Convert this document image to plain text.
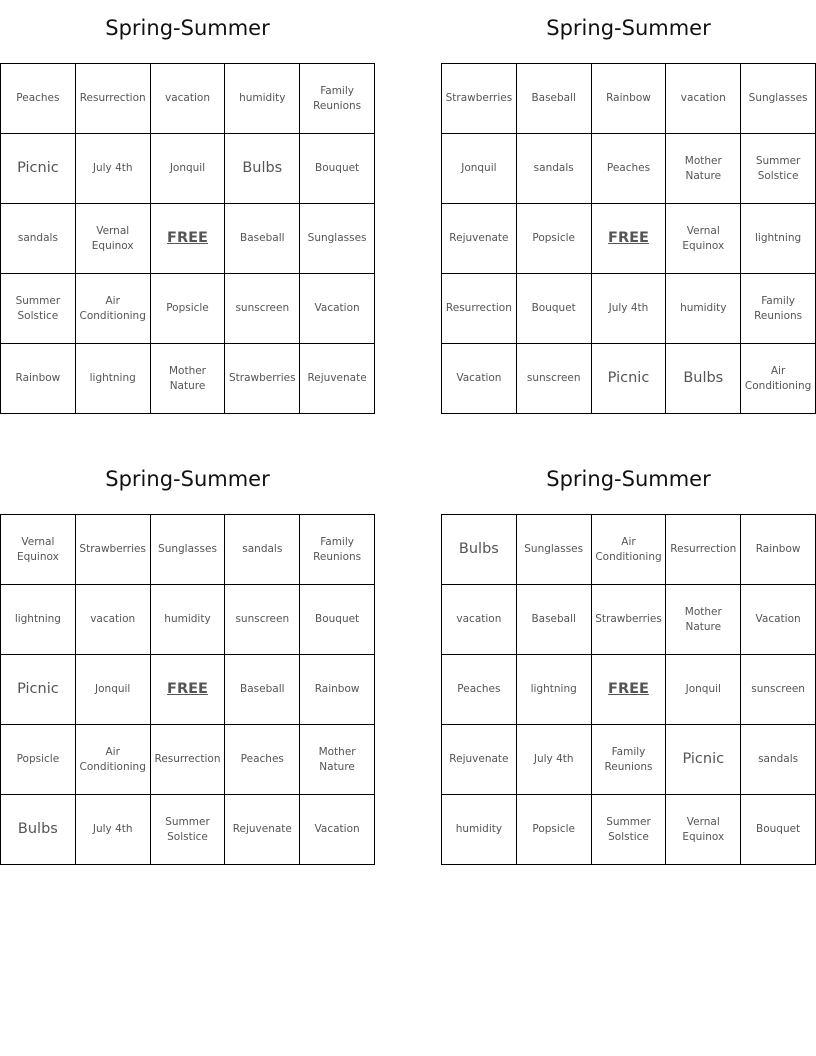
Spring-Summer
Peaches	Resurrection	vacation	humidity	Family Reunions
Picnic	July 4th	Jonquil	Bulbs	Bouquet
sandals	Vernal Equinox	FREE	Baseball	Sunglasses
Summer Solstice	Air Conditioning	Popsicle	sunscreen	Vacation
Rainbow	lightning	Mother Nature	Strawberries	Rejuvenate
Spring-Summer
Strawberries	Baseball	Rainbow	vacation	Sunglasses
Jonquil	sandals	Peaches	Mother Nature	Summer Solstice
Rejuvenate	Popsicle	FREE	Vernal Equinox	lightning
Resurrection	Bouquet	July 4th	humidity	Family Reunions
Vacation	sunscreen	Picnic	Bulbs	Air Conditioning
Spring-Summer
Vernal Equinox	Strawberries	Sunglasses	sandals	Family Reunions
lightning	vacation	humidity	sunscreen	Bouquet
Picnic	Jonquil	FREE	Baseball	Rainbow
Popsicle	Air Conditioning	Resurrection	Peaches	Mother Nature
Bulbs	July 4th	Summer Solstice	Rejuvenate	Vacation
Spring-Summer
Bulbs	Sunglasses	Air Conditioning	Resurrection	Rainbow
vacation	Baseball	Strawberries	Mother Nature	Vacation
Peaches	lightning	FREE	Jonquil	sunscreen
Rejuvenate	July 4th	Family Reunions	Picnic	sandals
humidity	Popsicle	Summer Solstice	Vernal Equinox	Bouquet
